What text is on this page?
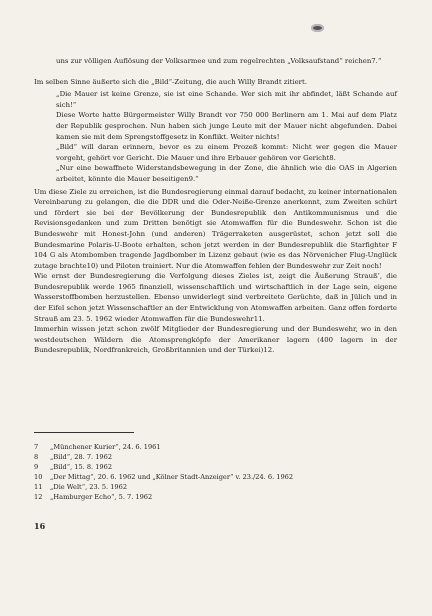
uns zur völligen Auflösung der Volksarmee und zum regelrechten „Volksaufstand“ reichen7.“

Im selben Sinne äußerte sich die „Bild“-Zeitung, die auch Willy Brandt zitiert.

„Die Mauer ist keine Grenze, sie ist eine Schande. Wer sich mit ihr abfindet, läßt Schande auf sich!“

Diese Worte hatte Bürgermeister Willy Brandt vor 750 000 Berlinern am 1. Mai auf dem Platz der Republik gesprochen. Nun haben sich junge Leute mit der Mauer nicht abgefunden. Dabei kamen sie mit dem Sprengstoffgesetz in Konflikt. Weiter nichts!

„Bild“ will daran erinnern, bevor es zu einem Prozeß kommt: Nicht wer gegen die Mauer vorgeht, gehört vor Gericht. Die Mauer und ihre Erbauer gehören vor Gericht8.

„Nur eine bewaffnete Widerstandsbewegung in der Zone, die ähnlich wie die OAS in Algerien arbeitet, könnte die Mauer beseitigen9.“

Um diese Ziele zu erreichen, ist die Bundesregierung einmal darauf bedacht, zu keiner internationalen Vereinbarung zu gelangen, die die DDR und die Oder-Neiße-Grenze anerkennt, zum Zweiten schürt und fördert sie bei der Bevölkerung der Bundesrepublik den Antikommunismus und die Revisionsgedanken und zum Dritten benötigt sie Atomwaffen für die Bundeswehr. Schon ist die Bundeswehr mit Honest-John (und anderen) Trägerraketen ausgerüstet, schon jetzt soll die Bundesmarine Polaris-U-Boote erhalten, schon jetzt werden in der Bundesrepublik die Starfighter F 104 G als Atombomben tragende Jagdbomber in Lizenz gebaut (wie es das Nörvenicher Flug-Unglück zutage brachte10) und Piloten trainiert. Nur die Atomwaffen fehlen der Bundeswehr zur Zeit noch!

Wie ernst der Bundesregierung die Verfolgung dieses Zieles ist, zeigt die Äußerung Strauß’, die Bundesrepublik werde 1965 finanziell, wissenschaftlich und wirtschaftlich in der Lage sein, eigene Wasserstoffbomben herzustellen. Ebenso unwiderlegt sind verbreitete Gerüchte, daß in Jülich und in der Eifel schon jetzt Wissenschaftler an der Entwicklung von Atomwaffen arbeiten. Ganz offen forderte Strauß am 23. 5. 1962 wieder Atomwaffen für die Bundeswehr11.

Immerhin wissen jetzt schon zwölf Mitglieder der Bundesregierung und der Bundeswehr, wo in den westdeutschen Wäldern die Atomsprengköpfe der Amerikaner lagern (400 lagern in der Bundesrepublik, Nordfrankreich, Großbritannien und der Türkei)12.

7	„Münchener Kurier“, 24. 6. 1961
8	„Bild“, 28. 7. 1962
9	„Bild“, 15. 8. 1962
10	„Der Mittag“, 20. 6. 1962 und „Kölner Stadt-Anzeiger“ v. 23./24. 6. 1962
11	„Die Welt“, 23. 5. 1962
12	„Hamburger Echo“, 5. 7. 1962
16
